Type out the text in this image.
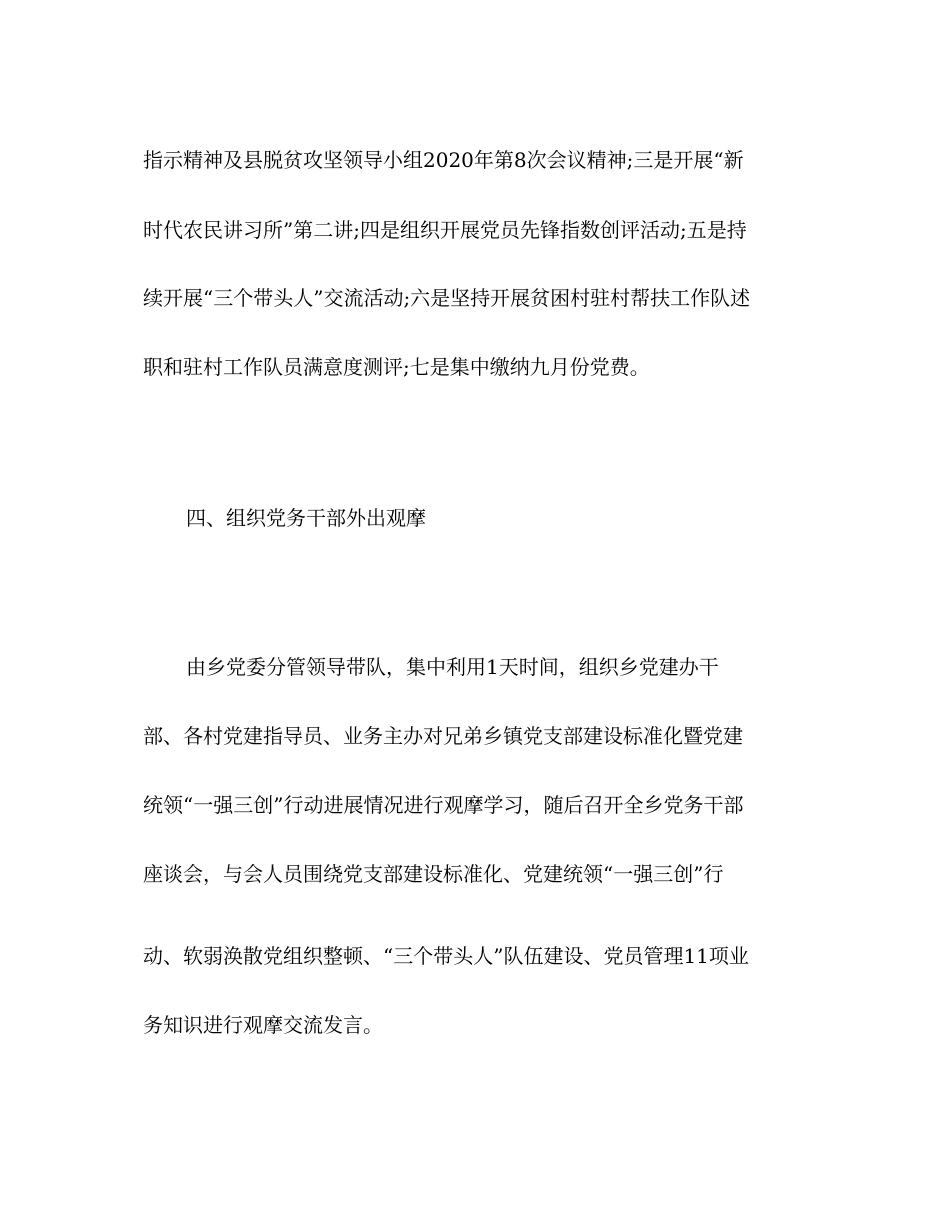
指示精神及县脱贫攻坚领导小组2020年第8次会议精神;三是开展“新
时代农民讲习所”第二讲;四是组织开展党员先锋指数创评活动;五是持
续开展“三个带头人”交流活动;六是坚持开展贫困村驻村帮扶工作队述
职和驻村工作队员满意度测评;七是集中缴纳九月份党费。
四、组织党务干部外出观摩
由乡党委分管领导带队，集中利用1天时间，组织乡党建办干
部、各村党建指导员、业务主办对兄弟乡镇党支部建设标准化暨党建
统领“一强三创”行动进展情况进行观摩学习，随后召开全乡党务干部
座谈会，与会人员围绕党支部建设标准化、党建统领“一强三创”行
动、软弱涣散党组织整顿、“三个带头人”队伍建设、党员管理11项业
务知识进行观摩交流发言。
